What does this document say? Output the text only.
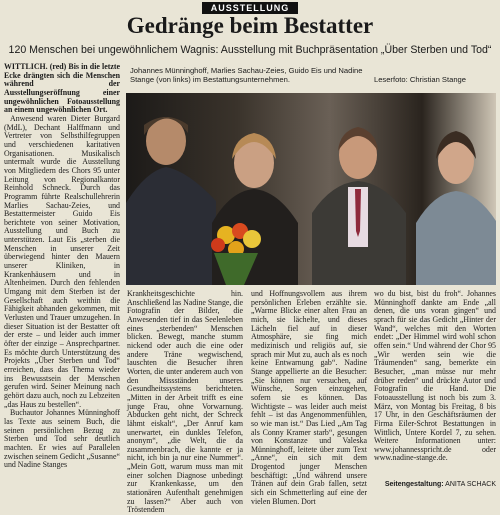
AUSSTELLUNG
Gedränge beim Bestatter
120 Menschen bei ungewöhnlichem Wagnis: Ausstellung mit Buchpräsentation „Über Sterben und Tod“

WITTLICH. (red) Bis in die letzte Ecke drängten sich die Menschen während der Ausstellungseröffnung einer ungewöhnlichen Fotoausstellung an einem ungewöhnlichen Ort.

Anwesend waren Dieter Burgard (MdL), Dechant Halffmann und Vertreter von Selbsthilfegruppen und verschiedenen karitativen Organisationen. Musikalisch untermalt wurde die Ausstellung von Mitgliedern des Chors 95 unter Leitung von Regionalkantor Reinhold Schneck. Durch das Programm führte Realschullehrerin Marlies Sachau-Zeies, und Bestattermeister Guido Eis berichtete von seiner Motivation, Ausstellung und Buch zu unterstützen. Laut Eis „sterben die Menschen in unserer Zeit überwiegend hinter den Mauern unserer Kliniken, in Krankenhäusern und in Altenheimen. Durch den fehlenden Umgang mit dem Sterben ist der Gesellschaft auch weithin die Fähigkeit abhanden gekommen, mit Verlusten und Trauer umzugehen. In dieser Situation ist der Bestatter oft der erste – und leider auch immer öfter der einzige – Ansprechpartner. Es möchte durch Unterstützung des Projekts „Über Sterben und Tod“ erreichen, dass das Thema wieder ins Bewusstsein der Menschen gerufen wird. Seiner Meinung nach gehört dazu auch, noch zu Lebzeiten „das Haus zu bestellen“.

Buchautor Johannes Münninghoff las Texte aus seinem Buch, die seinen persönlichen Bezug zu Sterben und Tod sehr deutlich machten. Er wies auf Parallelen zwischen seinem Gedicht „Susanne“ und Nadine Stanges

Johannes Münninghoff, Marlies Sachau-Zeies, Guido Eis und Nadine Stange (von links) im Bestattungsunternehmen.	Leserfoto: Christian Stange

Krankheitsgeschichte hin. Anschließend las Nadine Stange, die Fotografin der Bilder, die Anwesenden tief in das Seelenleben eines „sterbenden“ Menschen blicken. Bewegt, manche stumm nickend oder auch die eine oder andere Träne wegwischend, lauschten die Besucher ihren Worten, die unter anderem auch von den Missständen unseres Gesundheitssystems berichteten. „Mitten in der Arbeit trifft es eine junge Frau, ohne Vorwarnung. Abducken geht nicht, der Schreck lähmt eiskalt“, „Der Anruf kam unerwartet, ein dunkles Telefon, anonym“, „die Welt, die da zusammenbrach, die kannte er ja nicht, ich bin ja nur eine Nummer“. „Mein Gott, warum muss man mit einer solchen Diagnose unbedingt zur Krankenkasse, um den stationären Aufenthalt genehmigen zu lassen?“ Aber auch von Tröstendem

und Hoffnungsvollem aus ihrem persönlichen Erleben erzählte sie. „Warme Blicke einer alten Frau an mich, sie lächelte, und dieses Lächeln fiel auf in dieser Atmosphäre, sie fing mich medizinisch und religiös auf, sie sprach mir Mut zu, auch als es noch keine Entwarnung gab“. Nadine Stange appellierte an die Besucher: „Sie können nur versuchen, auf Wünsche, Sorgen einzugehen, sofern sie es können. Das Wichtigste – was leider auch meist fehlt – ist das Angenommenfühlen, so wie man ist.“ Das Lied „Am Tag als Conny Kramer starb“, gesungen von Konstanze und Valeska Münninghoff, leitete über zum Text „Anne“, ein sich mit dem Drogentod junger Menschen beschäftigt: „Und während unsere Tränen auf dein Grab fallen, setzt sich ein Schmetterling auf eine der vielen Blumen. Dort

wo du bist, bist du froh“. Johannes Münninghoff dankte am Ende „all denen, die uns voran gingen“ und sprach für sie das Gedicht „Hinter der Wand“, welches mit den Worten endet: „Der Himmel wird wohl schon offen sein.“ Und während der Chor 95 „Wir werden sein wie die Träumenden“ sang, bemerkte ein Besucher, „man müsse nur mehr drüber reden“ und drückte Autor und Fotografin die Hand. Die Fotoausstellung ist noch bis zum 3. März, von Montag bis Freitag, 8 bis 17 Uhr, in den Geschäftsräumen der Firma Eiler-Schrot Bestattungen in Wittlich, Untere Kordel 7, zu sehen. Weitere Informationen unter: www.johannesspricht.de oder www.nadine-stange.de.

Seitengestaltung: ANITA SCHACK
